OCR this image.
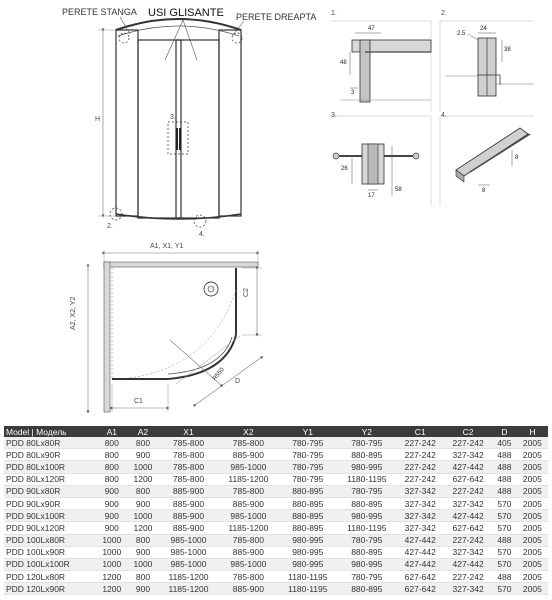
PERETE STANGA USI GLISANTE PERETE DREAPTA
H	3.
2.
4.
1.
47
48
3
2.
2.5
24
38
3.
26
17
58
4.
8
8
A1, X1, Y1
A2, X2, Y2
C1
C2
R550 D
Model | Модель	A1	A2	X1	X2	Y1	Y2	C1	C2	D	H
PDD 80Lx80R	800	800	785-800	785-800	780-795	780-795	227-242	227-242	405	2005
PDD 80Lx90R	800	900	785-800	885-900	780-795	880-895	227-242	327-342	488	2005
PDD 80Lx100R	800	1000	785-800	985-1000	780-795	980-995	227-242	427-442	488	2005
PDD 80Lx120R	800	1200	785-800	1185-1200	780-795	1180-1195	227-242	627-642	488	2005
PDD 90Lx80R	900	800	885-900	785-800	880-895	780-795	327-342	227-242	488	2005
PDD 90Lx90R	900	900	885-900	885-900	880-895	880-895	327-342	327-342	570	2005
PDD 90Lx100R	900	1000	885-900	985-1000	880-895	980-995	327-342	427-442	570	2005
PDD 90Lx120R	900	1200	885-900	1185-1200	880-895	1180-1195	327-342	627-642	570	2005
PDD 100Lx80R	1000	800	985-1000	785-800	980-995	780-795	427-442	227-242	488	2005
PDD 100Lx90R	1000	900	985-1000	885-900	980-995	880-895	427-442	327-342	570	2005
PDD 100Lx100R	1000	1000	985-1000	985-1000	980-995	980-995	427-442	427-442	570	2005
PDD 120Lx80R	1200	800	1185-1200	785-800	1180-1195	780-795	627-642	227-242	488	2005
PDD 120Lx90R	1200	900	1185-1200	885-900	1180-1195	880-895	627-642	327-342	570	2005
